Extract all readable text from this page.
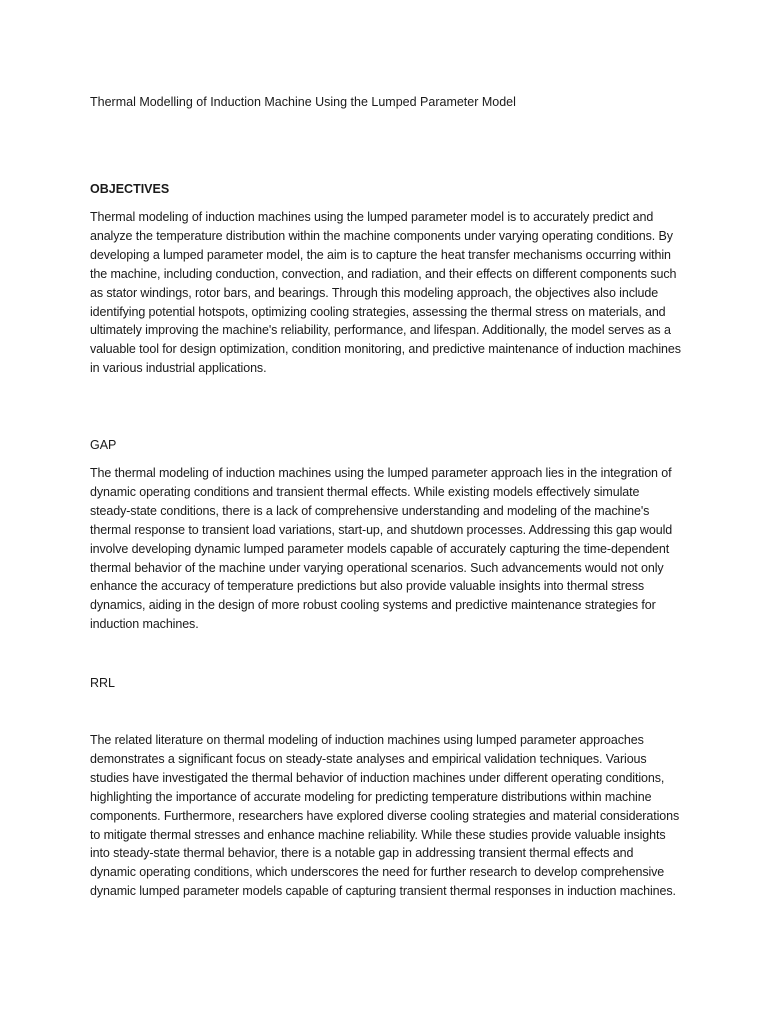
Thermal Modelling of Induction Machine Using the Lumped Parameter Model
OBJECTIVES

Thermal modeling of induction machines using the lumped parameter model is to accurately predict and analyze the temperature distribution within the machine components under varying operating conditions. By developing a lumped parameter model, the aim is to capture the heat transfer mechanisms occurring within the machine, including conduction, convection, and radiation, and their effects on different components such as stator windings, rotor bars, and bearings. Through this modeling approach, the objectives also include identifying potential hotspots, optimizing cooling strategies, assessing the thermal stress on materials, and ultimately improving the machine's reliability, performance, and lifespan. Additionally, the model serves as a valuable tool for design optimization, condition monitoring, and predictive maintenance of induction machines in various industrial applications.

GAP

The thermal modeling of induction machines using the lumped parameter approach lies in the integration of dynamic operating conditions and transient thermal effects. While existing models effectively simulate steady-state conditions, there is a lack of comprehensive understanding and modeling of the machine's thermal response to transient load variations, start-up, and shutdown processes. Addressing this gap would involve developing dynamic lumped parameter models capable of accurately capturing the time-dependent thermal behavior of the machine under varying operational scenarios. Such advancements would not only enhance the accuracy of temperature predictions but also provide valuable insights into thermal stress dynamics, aiding in the design of more robust cooling systems and predictive maintenance strategies for induction machines.

RRL

The related literature on thermal modeling of induction machines using lumped parameter approaches demonstrates a significant focus on steady-state analyses and empirical validation techniques. Various studies have investigated the thermal behavior of induction machines under different operating conditions, highlighting the importance of accurate modeling for predicting temperature distributions within machine components. Furthermore, researchers have explored diverse cooling strategies and material considerations to mitigate thermal stresses and enhance machine reliability. While these studies provide valuable insights into steady-state thermal behavior, there is a notable gap in addressing transient thermal effects and dynamic operating conditions, which underscores the need for further research to develop comprehensive dynamic lumped parameter models capable of capturing transient thermal responses in induction machines.
